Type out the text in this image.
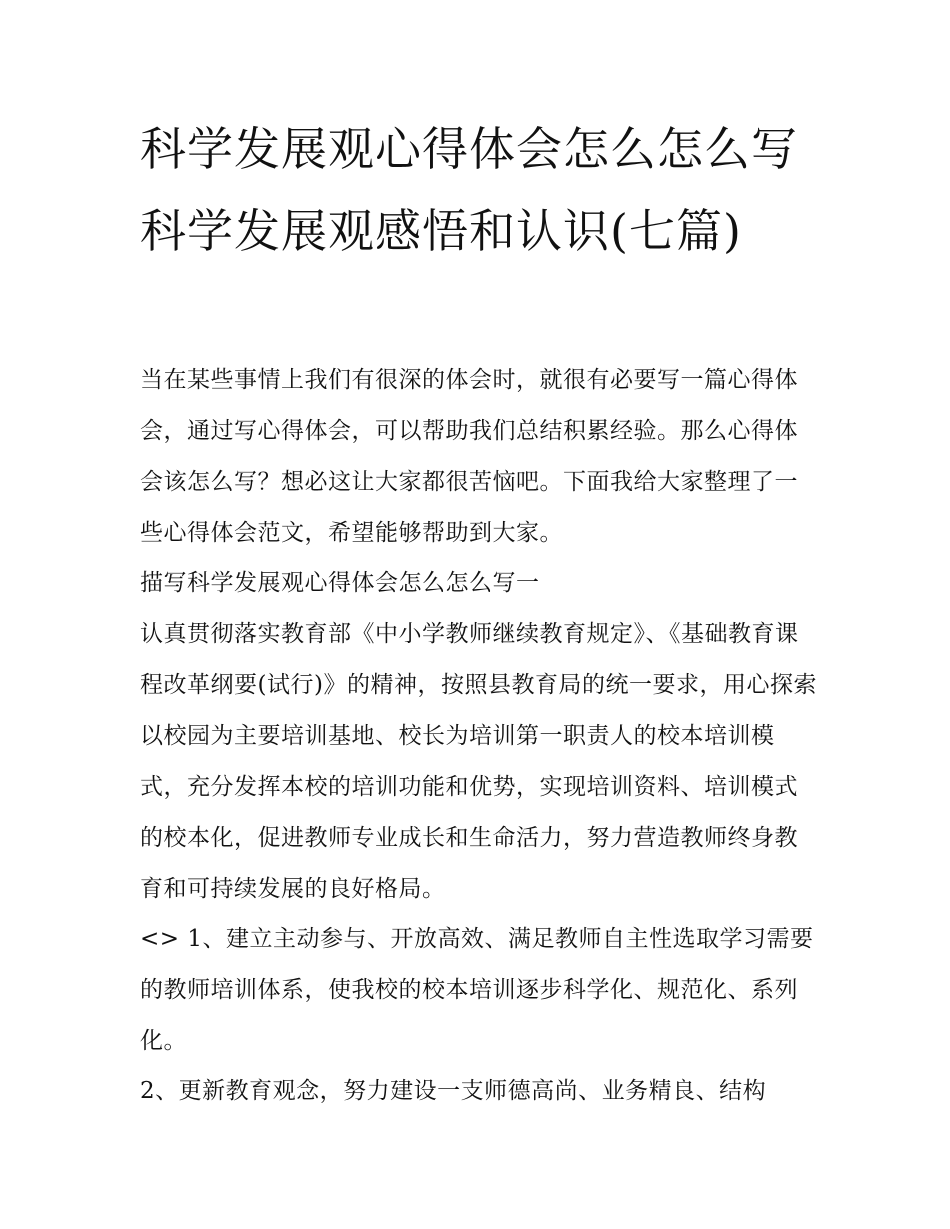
科学发展观心得体会怎么怎么写 科学发展观感悟和认识(七篇)

当在某些事情上我们有很深的体会时，就很有必要写一篇心得体会，通过写心得体会，可以帮助我们总结积累经验。那么心得体会该怎么写？想必这让大家都很苦恼吧。下面我给大家整理了一些心得体会范文，希望能够帮助到大家。

描写科学发展观心得体会怎么怎么写一

认真贯彻落实教育部《中小学教师继续教育规定》、《基础教育课程改革纲要(试行)》的精神，按照县教育局的统一要求，用心探索以校园为主要培训基地、校长为培训第一职责人的校本培训模式，充分发挥本校的培训功能和优势，实现培训资料、培训模式的校本化，促进教师专业成长和生命活力，努力营造教师终身教育和可持续发展的良好格局。

<> 1、建立主动参与、开放高效、满足教师自主性选取学习需要的教师培训体系，使我校的校本培训逐步科学化、规范化、系列化。

2、更新教育观念，努力建设一支师德高尚、业务精良、结构
